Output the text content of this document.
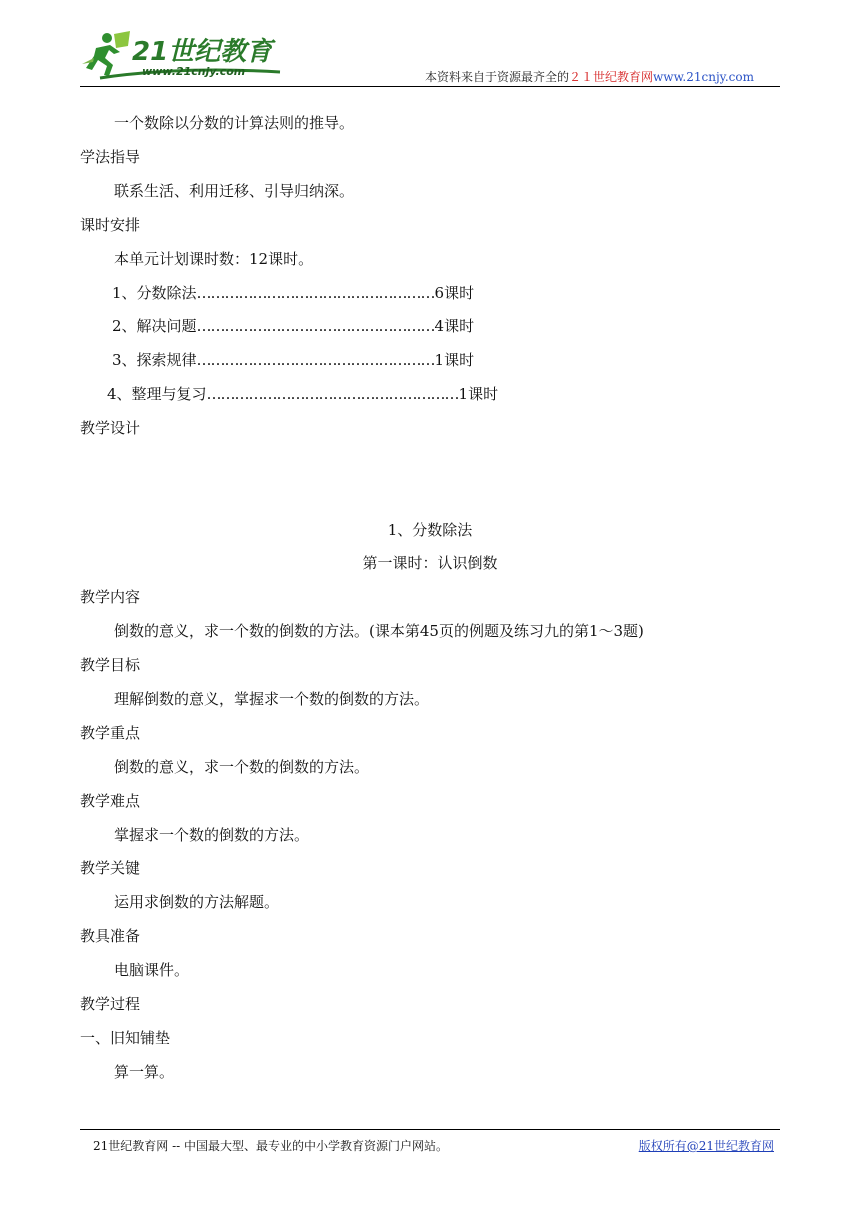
21世纪教育
www.21cnjy.com	本资料来自于资源最齐全的２１世纪教育网www.21cnjy.com
一个数除以分数的计算法则的推导。
学法指导
联系生活、利用迁移、引导归纳深。
课时安排
本单元计划课时数：12课时。
1、分数除法……………………………………………6课时
2、解决问题……………………………………………4课时
3、探索规律……………………………………………1课时
4、整理与复习………………………………………………1课时
教学设计
1、分数除法
第一课时：认识倒数
教学内容
倒数的意义，求一个数的倒数的方法。(课本第45页的例题及练习九的第1～3题)
教学目标
理解倒数的意义，掌握求一个数的倒数的方法。
教学重点
倒数的意义，求一个数的倒数的方法。
教学难点
掌握求一个数的倒数的方法。
教学关键
运用求倒数的方法解题。
教具准备
电脑课件。
教学过程
一、旧知铺垫
算一算。
21世纪教育网 -- 中国最大型、最专业的中小学教育资源门户网站。	版权所有@21世纪教育网
